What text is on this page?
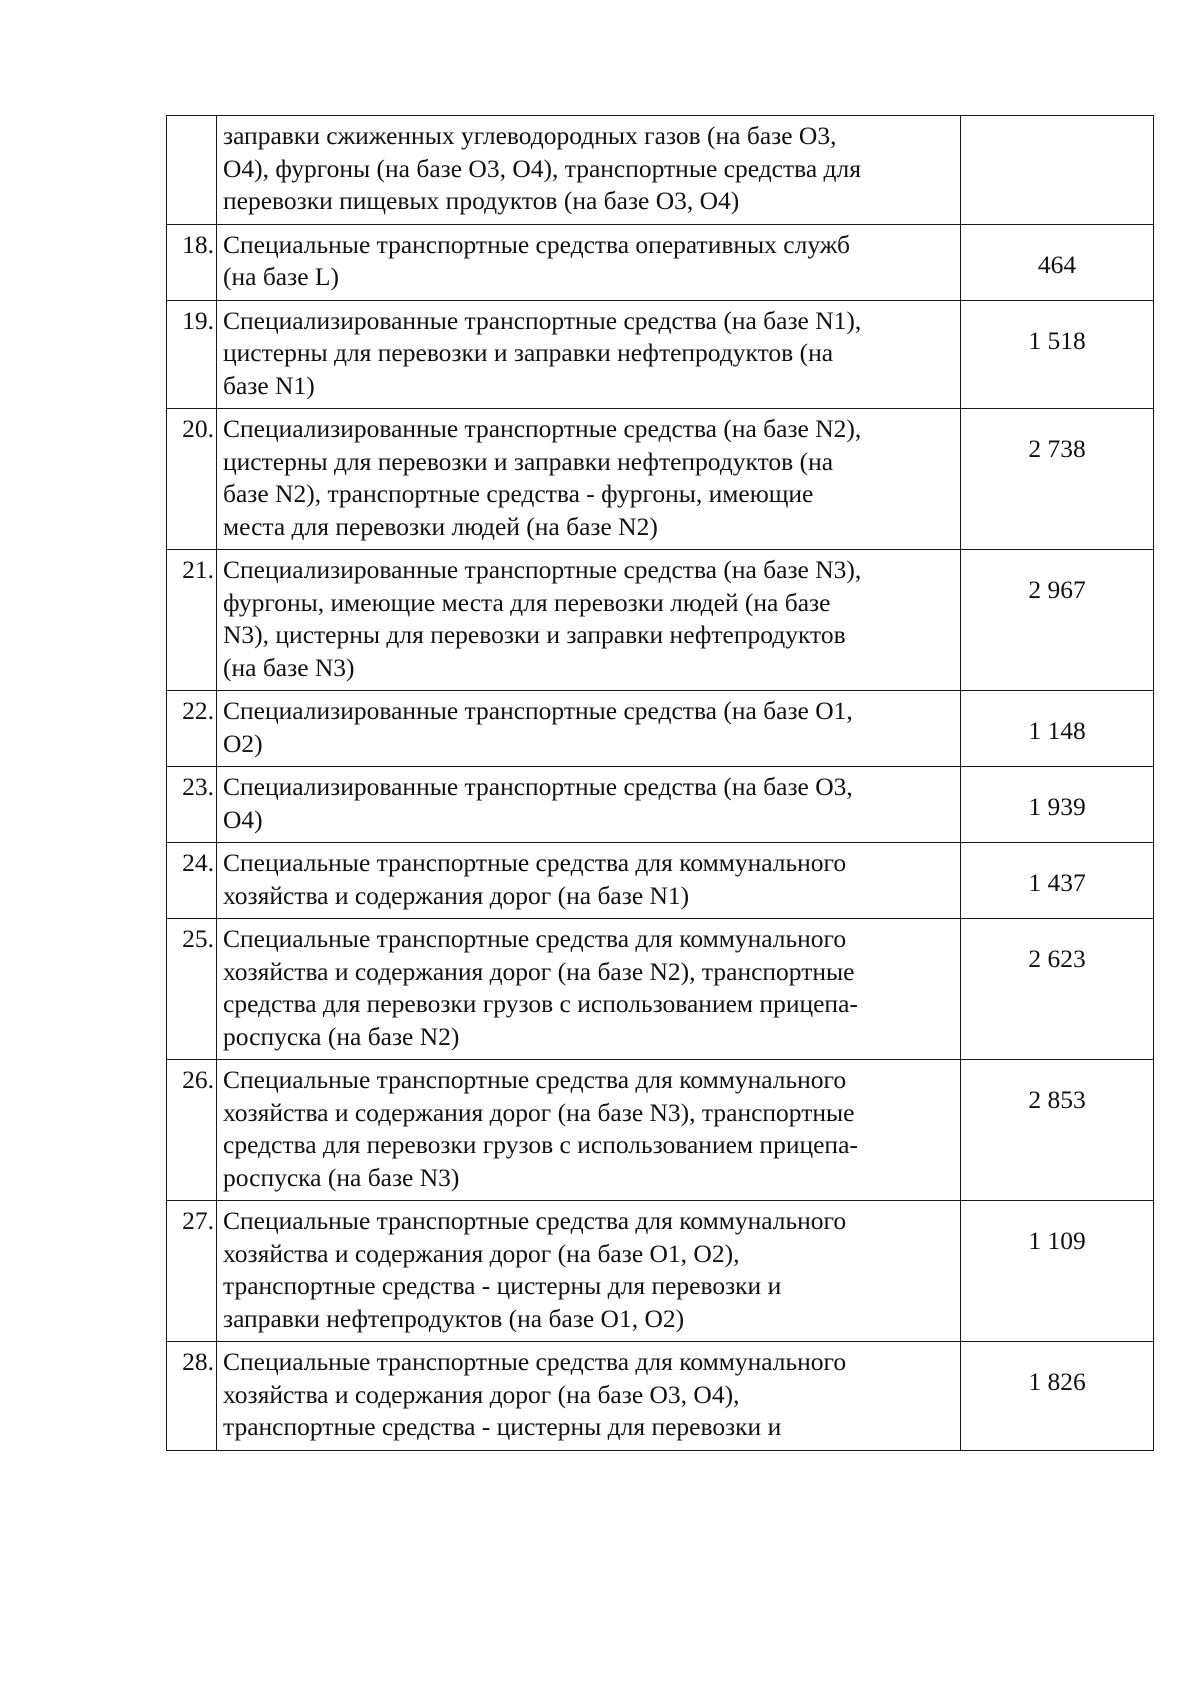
	заправки сжиженных углеводородных газов (на базе O3,
O4), фургоны (на базе O3, O4), транспортные средства для
перевозки пищевых продуктов (на базе O3, O4)	

18.	Специальные транспортные средства оперативных служб
(на базе L)	464
19.	Специализированные транспортные средства (на базе N1),
цистерны для перевозки и заправки нефтепродуктов (на
базе N1)	1 518
20.	Специализированные транспортные средства (на базе N2),
цистерны для перевозки и заправки нефтепродуктов (на
базе N2), транспортные средства - фургоны, имеющие
места для перевозки людей (на базе N2)	2 738
21.	Специализированные транспортные средства (на базе N3),
фургоны, имеющие места для перевозки людей (на базе
N3), цистерны для перевозки и заправки нефтепродуктов
(на базе N3)	2 967
22.	Специализированные транспортные средства (на базе O1,
O2)	1 148
23.	Специализированные транспортные средства (на базе O3,
O4)	1 939
24.	Специальные транспортные средства для коммунального
хозяйства и содержания дорог (на базе N1)	1 437
25.	Специальные транспортные средства для коммунального
хозяйства и содержания дорог (на базе N2), транспортные
средства для перевозки грузов с использованием прицепа-
роспуска (на базе N2)	2 623
26.	Специальные транспортные средства для коммунального
хозяйства и содержания дорог (на базе N3), транспортные
средства для перевозки грузов с использованием прицепа-
роспуска (на базе N3)	2 853
27.	Специальные транспортные средства для коммунального
хозяйства и содержания дорог (на базе O1, O2),
транспортные средства - цистерны для перевозки и
заправки нефтепродуктов (на базе O1, O2)	1 109
28.	Специальные транспортные средства для коммунального
хозяйства и содержания дорог (на базе O3, O4),
транспортные средства - цистерны для перевозки и	1 826
